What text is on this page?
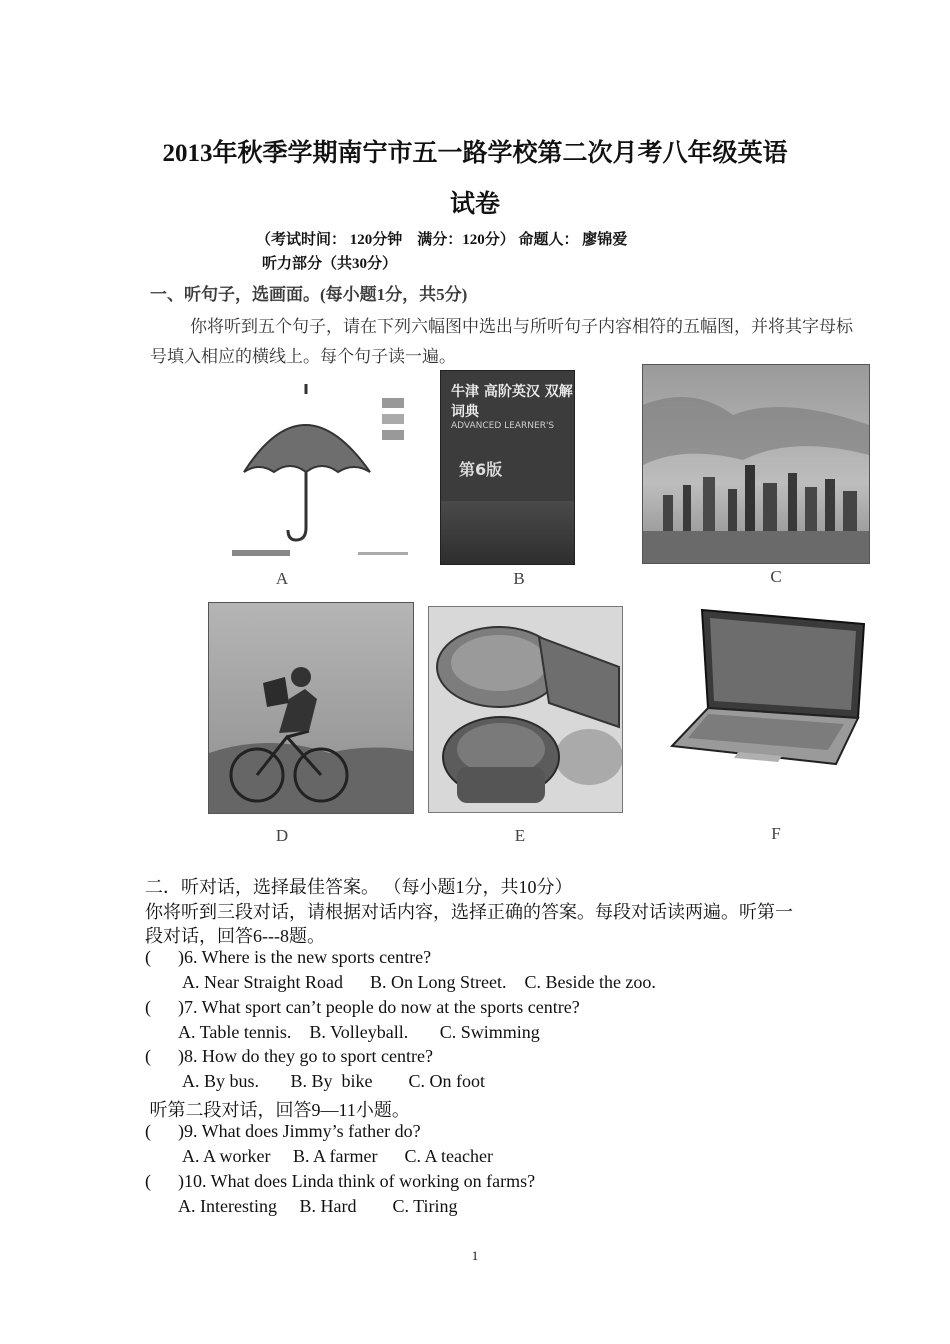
2013年秋季学期南宁市五一路学校第二次月考八年级英语
试卷
（考试时间： 120分钟　满分：120分） 命题人： 廖锦爱
听力部分（共30分）
一、听句子，选画面。(每小题1分，共5分)
你将听到五个句子，请在下列六幅图中选出与所听句子内容相符的五幅图，并将其字母标
号填入相应的横线上。每个句子读一遍。
A
牛津 高阶英汉 双解词典
ADVANCED LEARNER'S
第6版
B	C
D	E	F
二．听对话，选择最佳答案。 （每小题1分，共10分）
你将听到三段对话，请根据对话内容，选择正确的答案。每段对话读两遍。听第一
段对话，回答6---8题。
(      )6. Where is the new sports centre?
A. Near Straight Road      B. On Long Street.    C. Beside the zoo.
(      )7. What sport can’t people do now at the sports centre?
A. Table tennis.    B. Volleyball.       C. Swimming
(      )8. How do they go to sport centre?
A. By bus.       B. By  bike        C. On foot
听第二段对话，回答9—11小题。
(      )9. What does Jimmy’s father do?
A. A worker     B. A farmer      C. A teacher
(      )10. What does Linda think of working on farms?
A. Interesting     B. Hard        C. Tiring
1
